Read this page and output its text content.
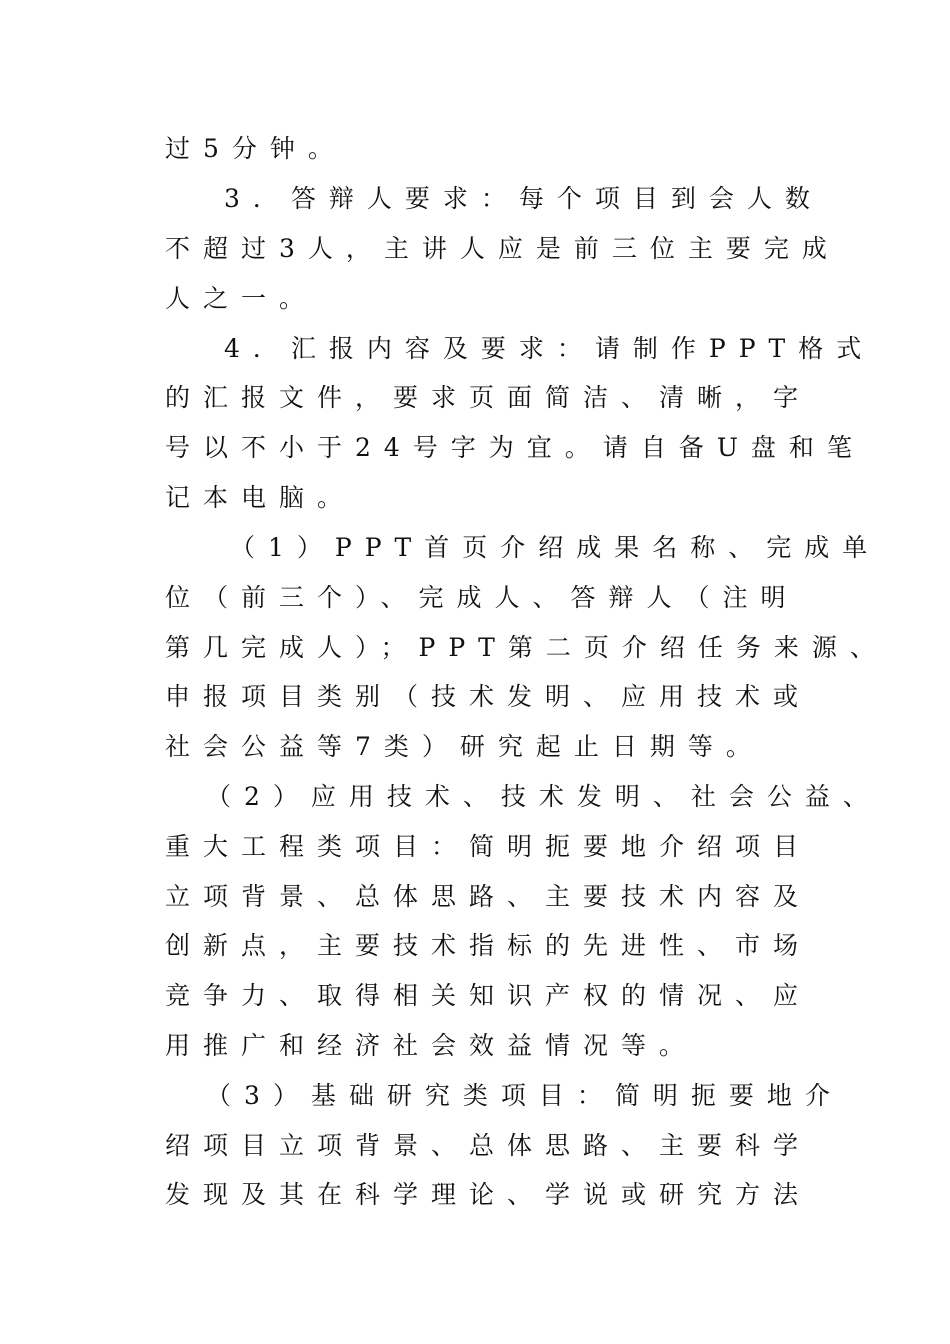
过5分钟。
3．答辩人要求：每个项目到会人数
不超过3人，主讲人应是前三位主要完成
人之一。
4．汇报内容及要求：请制作PPT格式
的汇报文件，要求页面简洁、清晰，字
号以不小于24号字为宜。请自备U盘和笔
记本电脑。
（1）PPT首页介绍成果名称、完成单
位（前三个）、完成人、答辩人（注明
第几完成人）；PPT第二页介绍任务来源、
申报项目类别（技术发明、应用技术或
社会公益等7类）研究起止日期等。
（2）应用技术、技术发明、社会公益、
重大工程类项目：简明扼要地介绍项目
立项背景、总体思路、主要技术内容及
创新点，主要技术指标的先进性、市场
竞争力、取得相关知识产权的情况、应
用推广和经济社会效益情况等。
（3）基础研究类项目：简明扼要地介
绍项目立项背景、总体思路、主要科学
发现及其在科学理论、学说或研究方法
